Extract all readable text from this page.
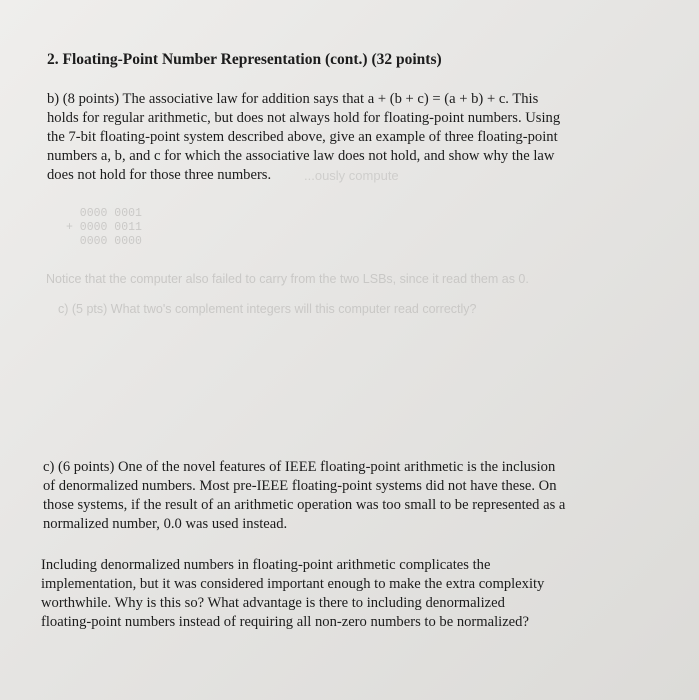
2. Floating-Point Number Representation (cont.) (32 points)

b) (8 points) The associative law for addition says that a + (b + c) = (a + b) + c. This
holds for regular arithmetic, but does not always hold for floating-point numbers. Using
the 7-bit floating-point system described above, give an example of three floating-point
numbers a, b, and c for which the associative law does not hold, and show why the law
does not hold for those three numbers.	...ously compute
0000 0001
+ 0000 0011
0000 0000
Notice that the computer also failed to carry from the two LSBs, since it read them as 0.
c) (5 pts) What two's complement integers will this computer read correctly?

c) (6 points) One of the novel features of IEEE floating-point arithmetic is the inclusion
of denormalized numbers. Most pre-IEEE floating-point systems did not have these. On
those systems, if the result of an arithmetic operation was too small to be represented as a
normalized number, 0.0 was used instead.

Including denormalized numbers in floating-point arithmetic complicates the
implementation, but it was considered important enough to make the extra complexity
worthwhile. Why is this so? What advantage is there to including denormalized
floating-point numbers instead of requiring all non-zero numbers to be normalized?
